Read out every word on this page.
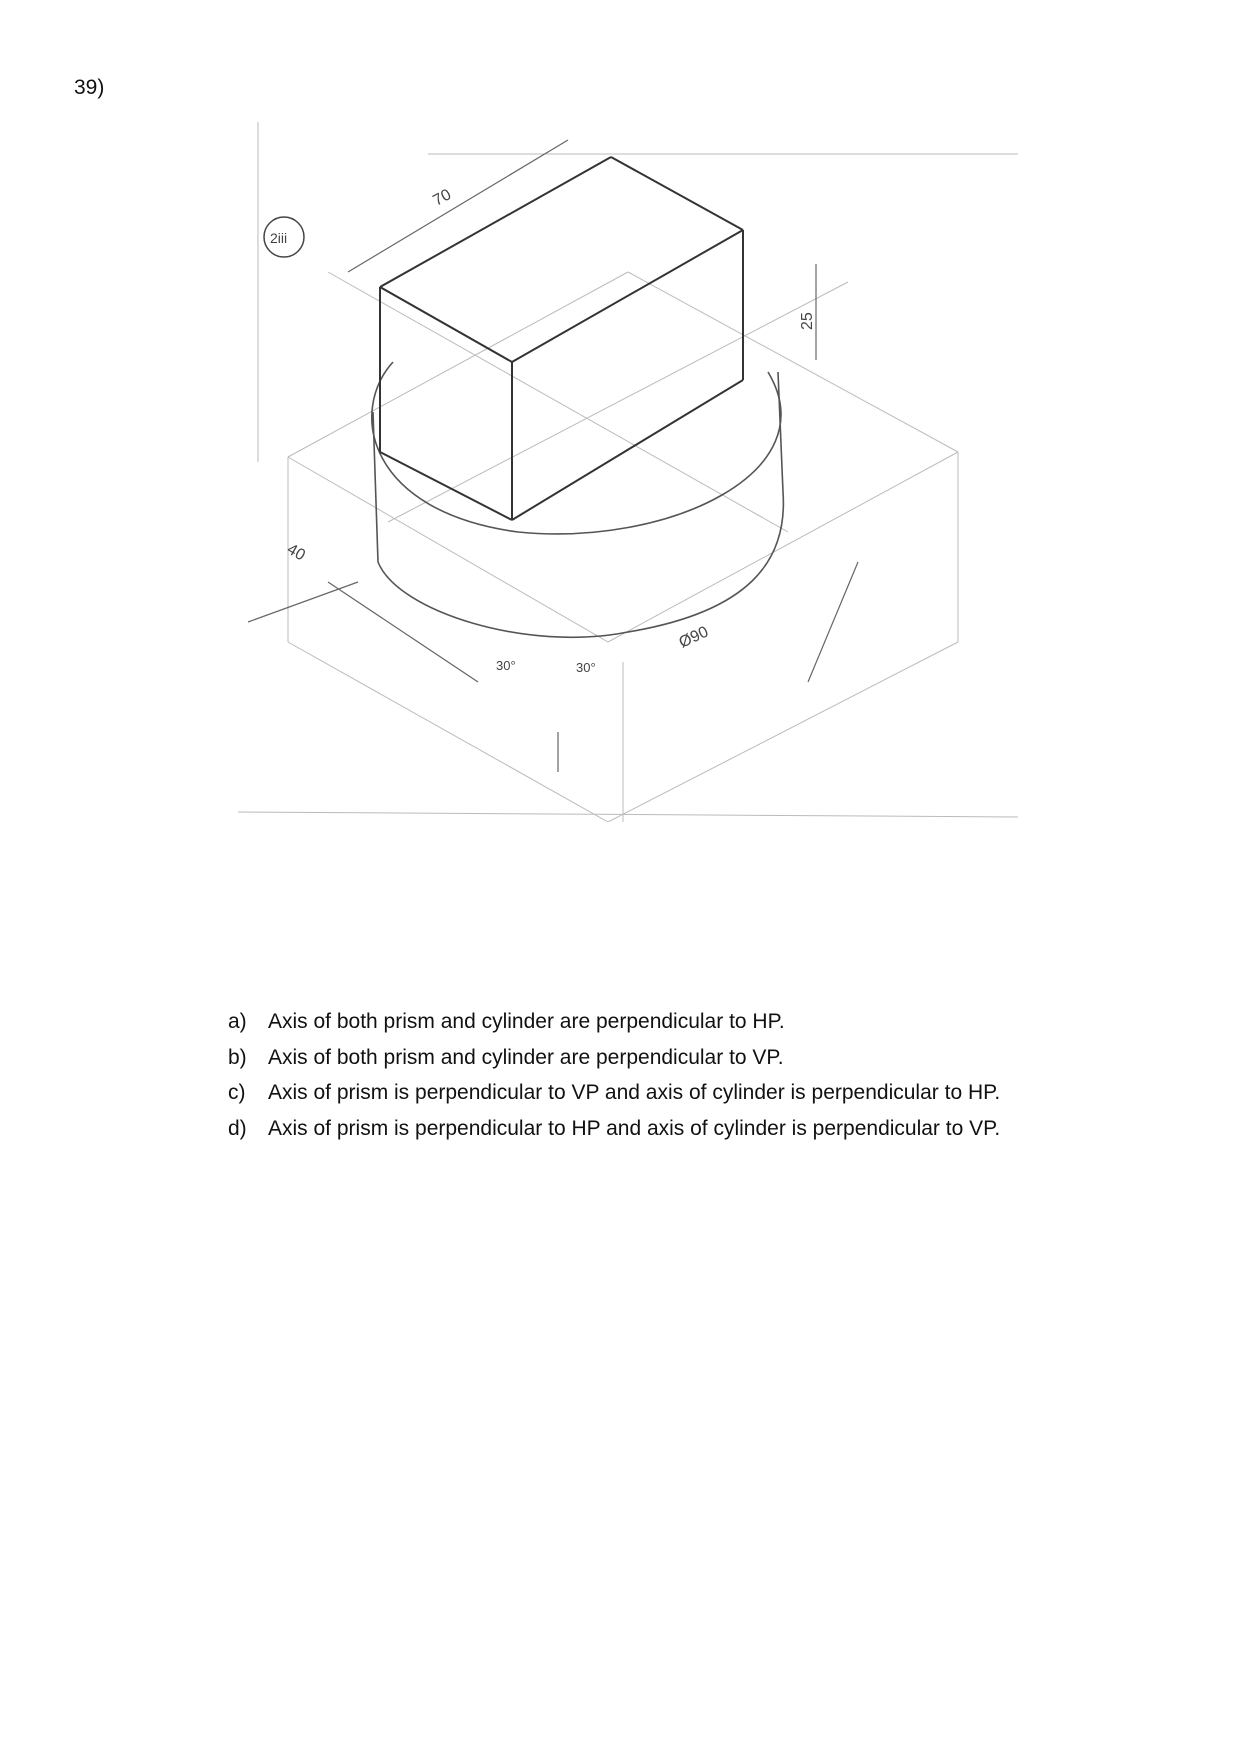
39)
70
25
40
Ø90
30°	30°
2iii
a)	Axis of both prism and cylinder are perpendicular to HP.
b)	Axis of both prism and cylinder are perpendicular to VP.
c)	Axis of prism is perpendicular to VP and axis of cylinder is perpendicular to HP.
d)	Axis of prism is perpendicular to HP and axis of cylinder is perpendicular to VP.
